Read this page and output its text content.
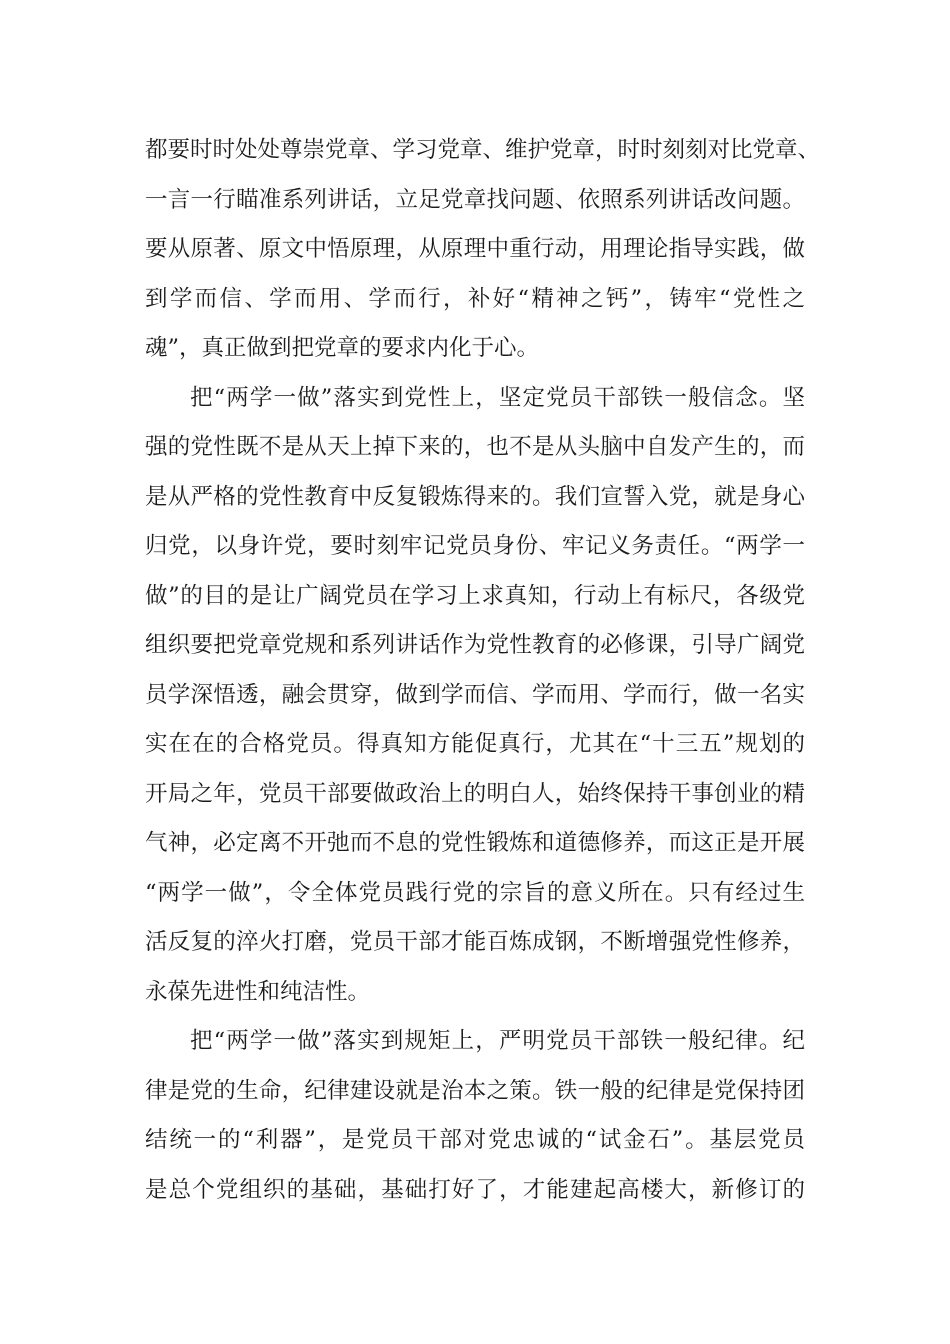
都要时时处处尊崇党章、学习党章、维护党章，时时刻刻对比党章、
一言一行瞄准系列讲话，立足党章找问题、依照系列讲话改问题。
要从原著、原文中悟原理，从原理中重行动，用理论指导实践，做
到学而信、学而用、学而行，补好“精神之钙”，铸牢“党性之
魂”，真正做到把党章的要求内化于心。
把“两学一做”落实到党性上，坚定党员干部铁一般信念。坚
强的党性既不是从天上掉下来的，也不是从头脑中自发产生的，而
是从严格的党性教育中反复锻炼得来的。我们宣誓入党，就是身心
归党，以身许党，要时刻牢记党员身份、牢记义务责任。“两学一
做”的目的是让广阔党员在学习上求真知，行动上有标尺，各级党
组织要把党章党规和系列讲话作为党性教育的必修课，引导广阔党
员学深悟透，融会贯穿，做到学而信、学而用、学而行，做一名实
实在在的合格党员。得真知方能促真行，尤其在“十三五”规划的
开局之年，党员干部要做政治上的明白人，始终保持干事创业的精
气神，必定离不开弛而不息的党性锻炼和道德修养，而这正是开展
“两学一做”，令全体党员践行党的宗旨的意义所在。只有经过生
活反复的淬火打磨，党员干部才能百炼成钢，不断增强党性修养，
永葆先进性和纯洁性。
把“两学一做”落实到规矩上，严明党员干部铁一般纪律。纪
律是党的生命，纪律建设就是治本之策。铁一般的纪律是党保持团
结统一的“利器”，是党员干部对党忠诚的“试金石”。基层党员
是总个党组织的基础，基础打好了，才能建起高楼大，新修订的
